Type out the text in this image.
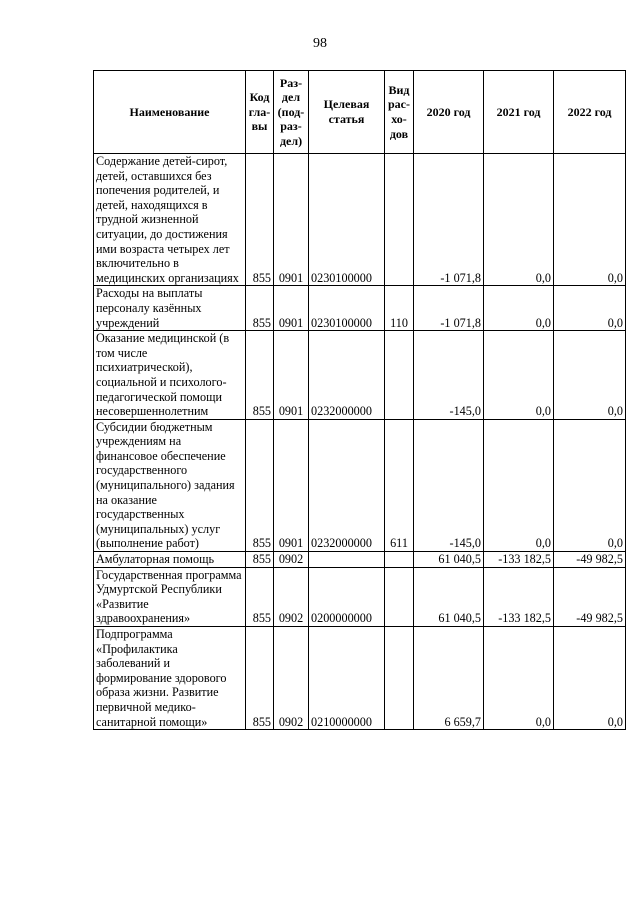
98
Наименование	Код гла-вы	Раз-дел (под-раз-дел)	Целевая статья	Вид рас-хо-дов	2020 год	2021 год	2022 год
Содержание детей-сирот, детей, оставшихся без попечения родителей, и детей, находящихся в трудной жизненной ситуации, до достижения ими возраста четырех лет включительно в медицинских организациях	855	0901	0230100000		-1 071,8	0,0	0,0
Расходы на выплаты персоналу казённых учреждений	855	0901	0230100000	110	-1 071,8	0,0	0,0
Оказание медицинской (в том числе психиатрической), социальной и психолого-педагогической помощи несовершеннолетним	855	0901	0232000000		-145,0	0,0	0,0
Субсидии бюджетным учреждениям на финансовое обеспечение государственного (муниципального) задания на оказание государственных (муниципальных) услуг (выполнение работ)	855	0901	0232000000	611	-145,0	0,0	0,0
Амбулаторная помощь	855	0902			61 040,5	-133 182,5	-49 982,5
Государственная программа Удмуртской Республики «Развитие здравоохранения»	855	0902	0200000000		61 040,5	-133 182,5	-49 982,5
Подпрограмма «Профилактика заболеваний и формирование здорового образа жизни. Развитие первичной медико-санитарной помощи»	855	0902	0210000000		6 659,7	0,0	0,0
